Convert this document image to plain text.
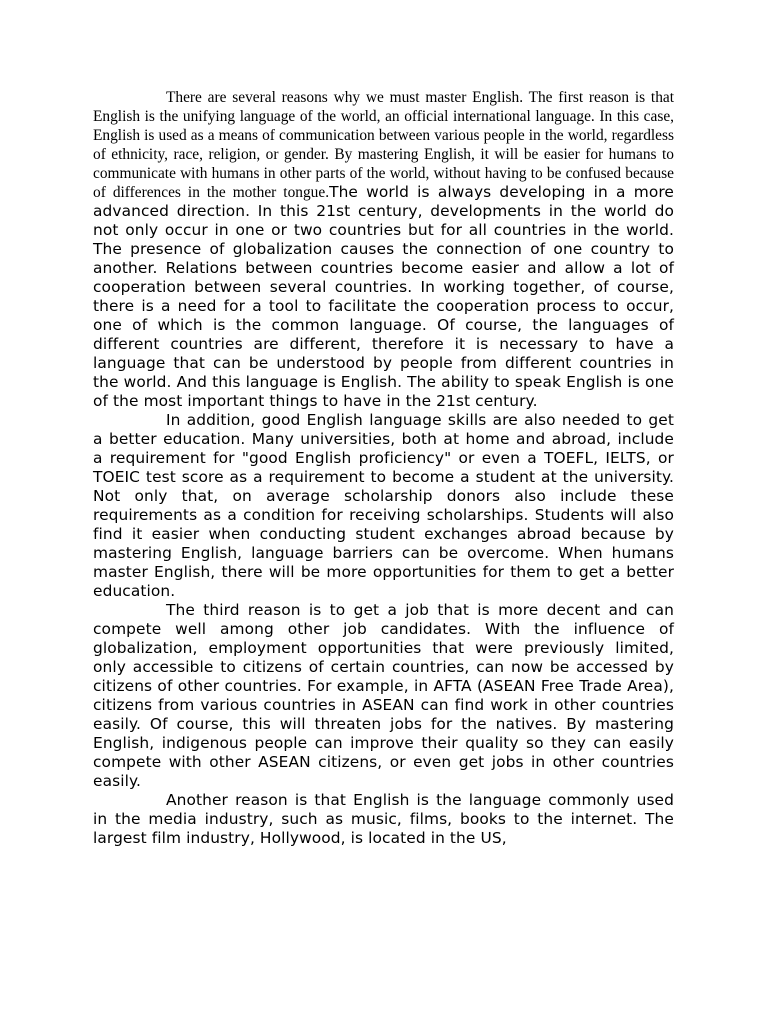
There are several reasons why we must master English. The first reason is that English is the unifying language of the world, an official international language. In this case, English is used as a means of communication between various people in the world, regardless of ethnicity, race, religion, or gender. By mastering English, it will be easier for humans to communicate with humans in other parts of the world, without having to be confused because of differences in the mother tongue.The world is always developing in a more advanced direction. In this 21st century, developments in the world do not only occur in one or two countries but for all countries in the world. The presence of globalization causes the connection of one country to another. Relations between countries become easier and allow a lot of cooperation between several countries. In working together, of course, there is a need for a tool to facilitate the cooperation process to occur, one of which is the common language. Of course, the languages of different countries are different, therefore it is necessary to have a language that can be understood by people from different countries in the world. And this language is English. The ability to speak English is one of the most important things to have in the 21st century.

In addition, good English language skills are also needed to get a better education. Many universities, both at home and abroad, include a requirement for "good English proficiency" or even a TOEFL, IELTS, or TOEIC test score as a requirement to become a student at the university. Not only that, on average scholarship donors also include these requirements as a condition for receiving scholarships. Students will also find it easier when conducting student exchanges abroad because by mastering English, language barriers can be overcome. When humans master English, there will be more opportunities for them to get a better education.

The third reason is to get a job that is more decent and can compete well among other job candidates. With the influence of globalization, employment opportunities that were previously limited, only accessible to citizens of certain countries, can now be accessed by citizens of other countries. For example, in AFTA (ASEAN Free Trade Area), citizens from various countries in ASEAN can find work in other countries easily. Of course, this will threaten jobs for the natives. By mastering English, indigenous people can improve their quality so they can easily compete with other ASEAN citizens, or even get jobs in other countries easily.

Another reason is that English is the language commonly used in the media industry, such as music, films, books to the internet. The largest film industry, Hollywood, is located in the US,
